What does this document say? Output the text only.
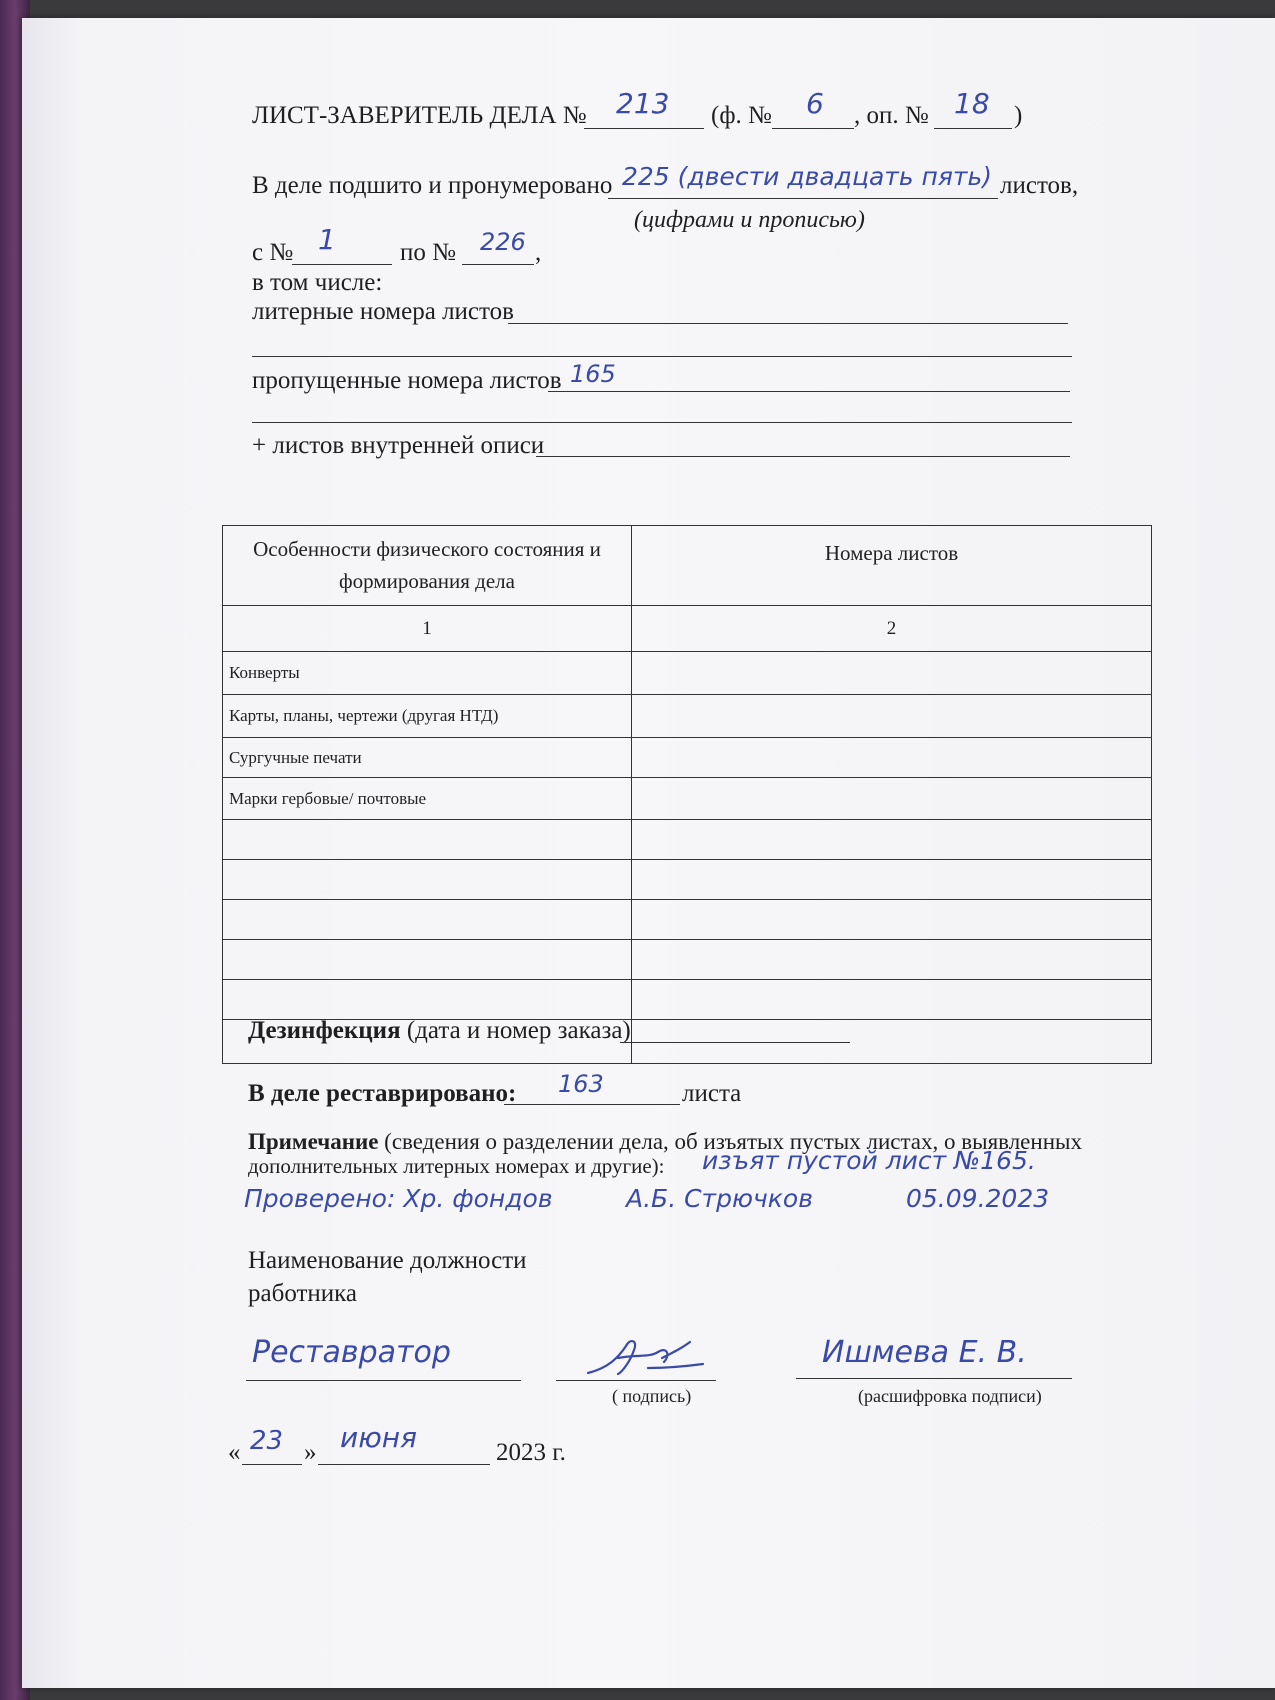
ЛИСТ-ЗАВЕРИТЕЛЬ ДЕЛА № 213 (ф. № 6 , оп. № 18 )
В деле подшито и пронумеровано 225 (двести двадцать пять) листов,
(цифрами и прописью)
с № 1	по № 226 ,
в том числе:
литерные номера листов
пропущенные номера листов 165
+ листов внутренней описи
Особенности физического состояния и формирования дела	Номера листов
1	2
Конверты	
Карты, планы, чертежи (другая НТД)	
Сургучные печати	
Марки гербовые/ почтовые	

Дезинфекция (дата и номер заказа)
В деле реставрировано: 163	листа
Примечание (сведения о разделении дела, об изъятых пустых листах, о выявленных
дополнительных литерных номерах и другие): изъят пустой лист №165.
Проверено: Хр. фондов	А.Б. Стрючков	05.09.2023
Наименование должности
работника
Реставратор
( подпись)
Ишмева Е. В.
(расшифровка подписи)
« 23 » июня	2023 г.
